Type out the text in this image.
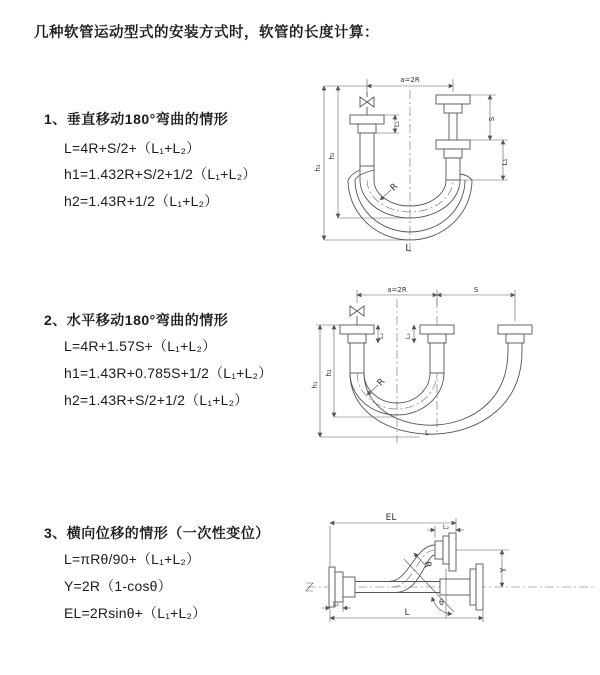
几种软管运动型式的安装方式时，软管的长度计算：
1、垂直移动180°弯曲的情形
L=4R+S/2+（L₁+L₂）
h1=1.432R+S/2+1/2（L₁+L₂）
h2=1.43R+1/2（L₁+L₂）
2、水平移动180°弯曲的情形
L=4R+1.57S+（L₁+L₂）
h1=1.43R+0.785S+1/2（L₁+L₂）
h2=1.43R+S/2+1/2（L₁+L₂）
3、横向位移的情形（一次性变位）
L=πRθ/90+（L₁+L₂）
Y=2R（1-cosθ）
EL=2Rsinθ+（L₁+L₂）
a=2R
h₂
h₁
S
L₁
L₂
R
L
a=2R	S
h₂
h₁
L₂	L₁
R
L
EL
L₂
Y
θ
R
L₁
L
